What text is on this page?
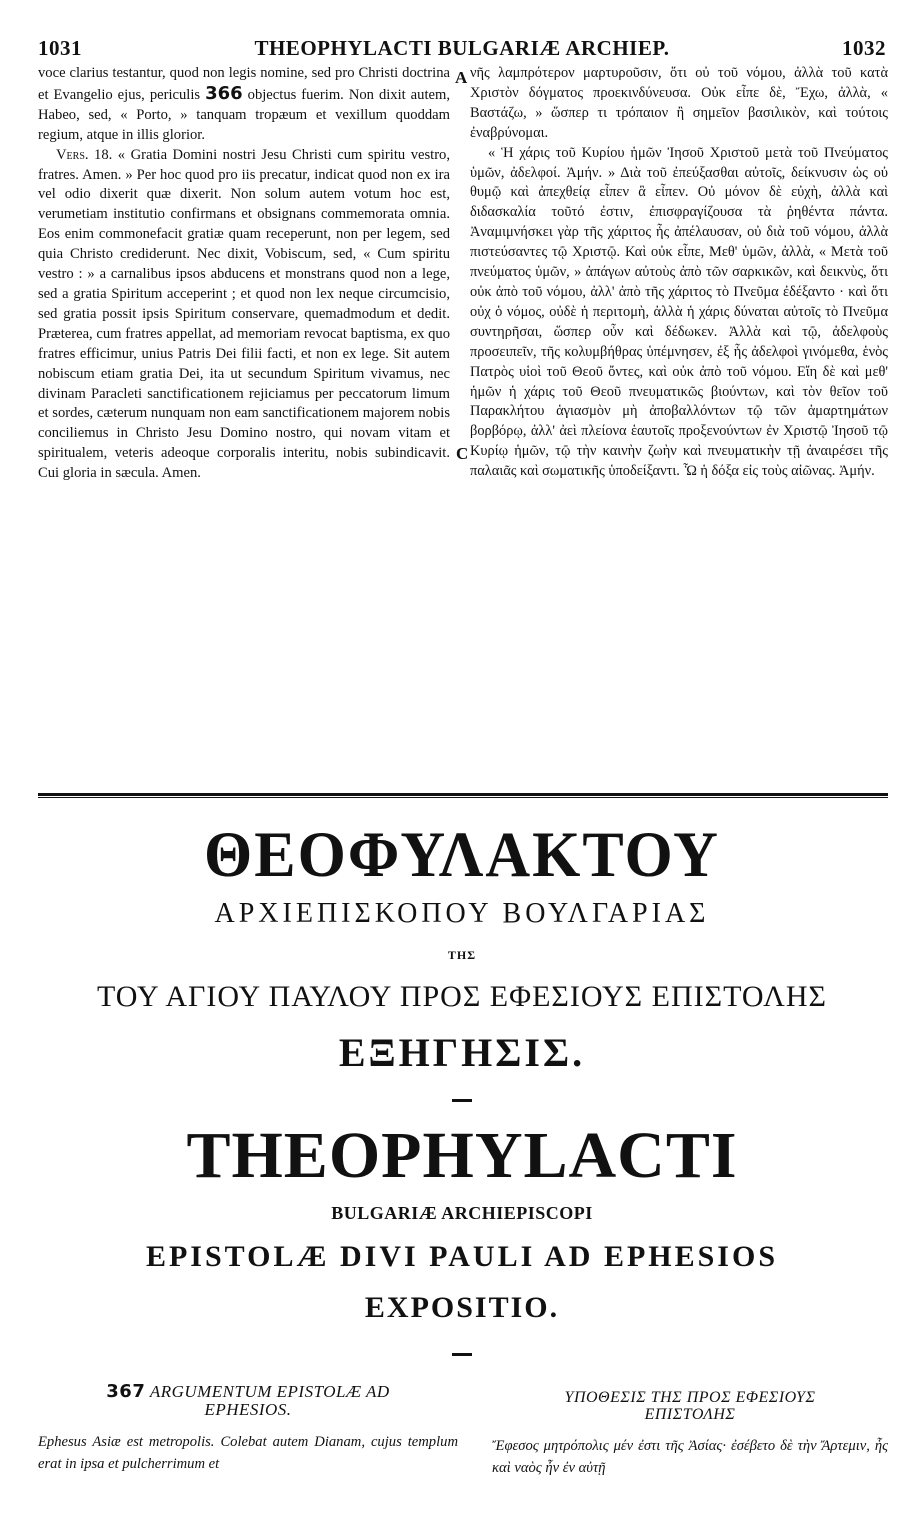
1031	THEOPHYLACTI BULGARIÆ ARCHIEP.	1032

voce clarius testantur, quod non legis nomine, sed pro Christi doctrina et Evangelio ejus, periculis 366 objectus fuerim. Non dixit autem, Habeo, sed, « Porto, » tanquam tropæum et vexillum quoddam regium, atque in illis glorior.

Vers. 18. « Gratia Domini nostri Jesu Christi cum spiritu vestro, fratres. Amen. » Per hoc quod pro iis precatur, indicat quod non ex ira vel odio dixerit quæ dixerit. Non solum autem votum hoc est, verumetiam institutio confirmans et obsignans commemorata omnia. Eos enim commonefacit gratiæ quam receperunt, non per legem, sed quia Christo crediderunt. Nec dixit, Vobiscum, sed, « Cum spiritu vestro : » a carnalibus ipsos abducens et monstrans quod non a lege, sed a gratia Spiritum acceperint ; et quod non lex neque circumcisio, sed gratia possit ipsis Spiritum conservare, quemadmodum et dedit. Præterea, cum fratres appellat, ad memoriam revocat baptisma, ex quo fratres efficimur, unius Patris Dei filii facti, et non ex lege. Sit autem nobiscum etiam gratia Dei, ita ut secundum Spiritum vivamus, nec divinam Paracleti sanctificationem rejiciamus per peccatorum limum et sordes, cæterum nunquam non eam sanctificationem majorem nobis conciliemus in Christo Jesu Domino nostro, qui novam vitam et spiritualem, veteris adeoque corporalis interitu, nobis subindicavit. Cui gloria in sæcula. Amen.

A
C

νῆς λαμπρότερον μαρτυροῦσιν, ὅτι οὐ τοῦ νόμου, ἀλλὰ τοῦ κατὰ Χριστὸν δόγματος προεκινδύνευσα. Οὐκ εἶπε δὲ, Ἔχω, ἀλλὰ, « Βαστάζω, » ὥσπερ τι τρόπαιον ἢ σημεῖον βασιλικὸν, καὶ τούτοις ἐναβρύνομαι.

« Ἡ χάρις τοῦ Κυρίου ἡμῶν Ἰησοῦ Χριστοῦ μετὰ τοῦ Πνεύματος ὑμῶν, ἀδελφοί. Ἀμήν. » Διὰ τοῦ ἐπεύξασθαι αὐτοῖς, δείκνυσιν ὡς οὐ θυμῷ καὶ ἀπεχθείᾳ εἶπεν ἃ εἶπεν. Οὐ μόνον δὲ εὐχὴ, ἀλλὰ καὶ διδασκαλία τοῦτό ἐστιν, ἐπισφραγίζουσα τὰ ῥηθέντα πάντα. Ἀναμιμνήσκει γὰρ τῆς χάριτος ἧς ἀπέλαυσαν, οὐ διὰ τοῦ νόμου, ἀλλὰ πιστεύσαντες τῷ Χριστῷ. Καὶ οὐκ εἶπε, Μεθ' ὑμῶν, ἀλλὰ, « Μετὰ τοῦ πνεύματος ὑμῶν, » ἀπάγων αὐτοὺς ἀπὸ τῶν σαρκικῶν, καὶ δεικνὺς, ὅτι οὐκ ἀπὸ τοῦ νόμου, ἀλλ' ἀπὸ τῆς χάριτος τὸ Πνεῦμα ἐδέξαντο · καὶ ὅτι οὐχ ὁ νόμος, οὐδὲ ἡ περιτομὴ, ἀλλὰ ἡ χάρις δύναται αὐτοῖς τὸ Πνεῦμα συντηρῆσαι, ὥσπερ οὖν καὶ δέδωκεν. Ἀλλὰ καὶ τῷ, ἀδελφοὺς προσειπεῖν, τῆς κολυμβήθρας ὑπέμνησεν, ἐξ ἧς ἀδελφοὶ γινόμεθα, ἑνὸς Πατρὸς υἱοὶ τοῦ Θεοῦ ὄντες, καὶ οὐκ ἀπὸ τοῦ νόμου. Εἴη δὲ καὶ μεθ' ἡμῶν ἡ χάρις τοῦ Θεοῦ πνευματικῶς βιούντων, καὶ τὸν θεῖον τοῦ Παρακλήτου ἁγιασμὸν μὴ ἀποβαλλόντων τῷ τῶν ἁμαρτημάτων βορβόρῳ, ἀλλ' ἀεὶ πλείονα ἑαυτοῖς προξενούντων ἐν Χριστῷ Ἰησοῦ τῷ Κυρίῳ ἡμῶν, τῷ τὴν καινὴν ζωὴν καὶ πνευματικὴν τῇ ἀναιρέσει τῆς παλαιᾶς καὶ σωματικῆς ὑποδείξαντι. Ὧ ἡ δόξα εἰς τοὺς αἰῶνας. Ἀμήν.

ΘΕΟΦΥΛΑΚΤΟΥ
ΑΡΧΙΕΠΙΣΚΟΠΟΥ ΒΟΥΛΓΑΡΙΑΣ
ΤΗΣ
ΤΟΥ ΑΓΙΟΥ ΠΑΥΛΟΥ ΠΡΟΣ ΕΦΕΣΙΟΥΣ ΕΠΙΣΤΟΛΗΣ
ΕΞΗΓΗΣΙΣ.
THEOPHYLACTI
BULGARIÆ ARCHIEPISCOPI
EPISTOLÆ DIVI PAULI AD EPHESIOS
EXPOSITIO.
367 ARGUMENTUM EPISTOLÆ AD
EPHESIOS.
Ephesus Asiæ est metropolis. Colebat autem Dianam, cujus templum erat in ipsa et pulcherrimum et
ΥΠΟΘΕΣΙΣ ΤΗΣ ΠΡΟΣ ΕΦΕΣΙΟΥΣ
ΕΠΙΣΤΟΛΗΣ
Ἔφεσος μητρόπολις μέν ἐστι τῆς Ἀσίας· ἐσέβετο δὲ τὴν Ἄρτεμιν, ἧς καὶ ναὸς ἦν ἐν αὐτῇ
